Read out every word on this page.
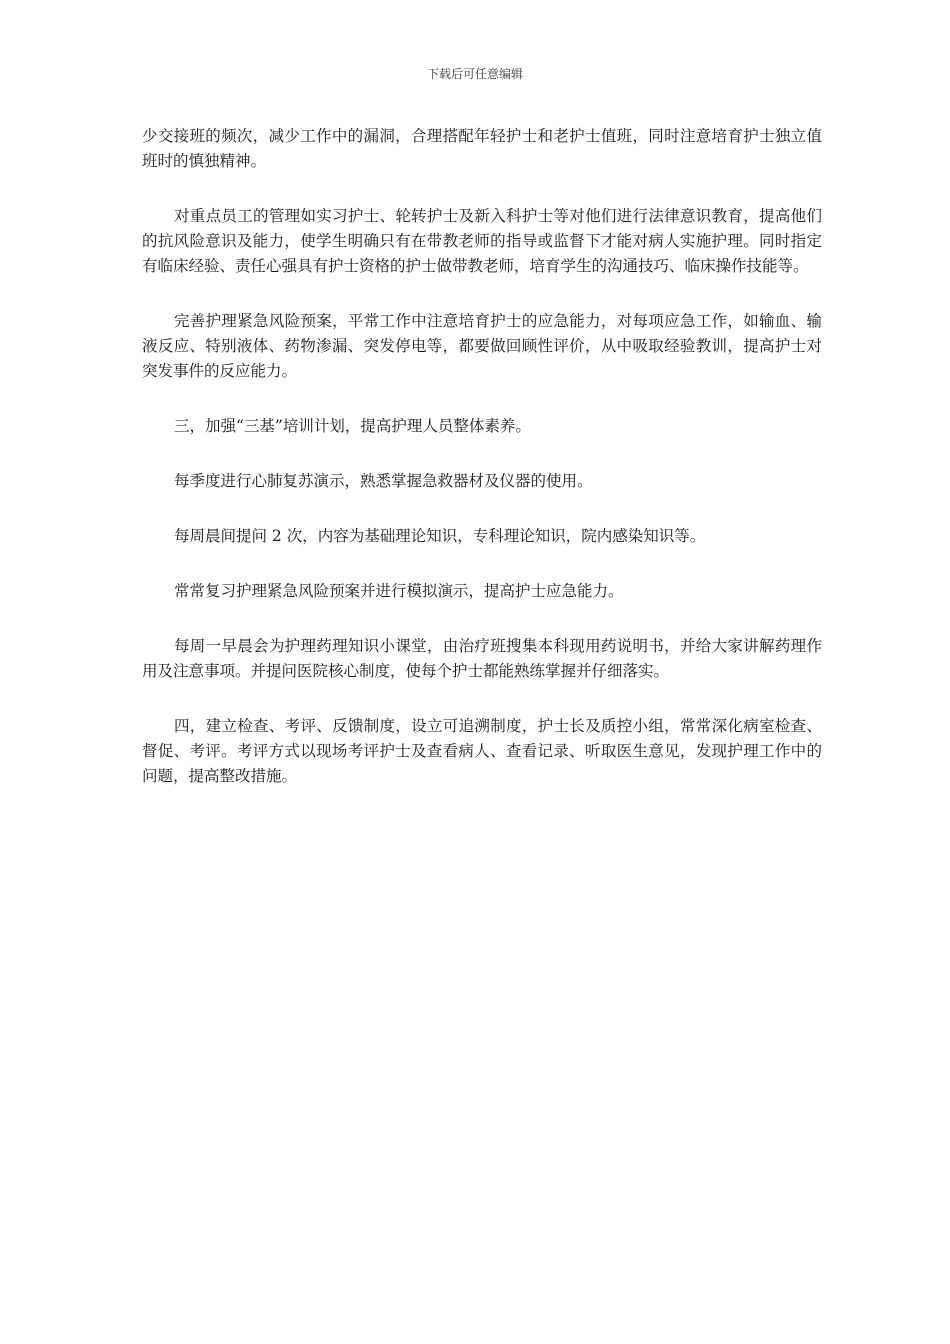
下载后可任意编辑

少交接班的频次，减少工作中的漏洞，合理搭配年轻护士和老护士值班，同时注意培育护士独立值班时的慎独精神。

对重点员工的管理如实习护士、轮转护士及新入科护士等对他们进行法律意识教育，提高他们的抗风险意识及能力，使学生明确只有在带教老师的指导或监督下才能对病人实施护理。同时指定有临床经验、责任心强具有护士资格的护士做带教老师，培育学生的沟通技巧、临床操作技能等。

完善护理紧急风险预案，平常工作中注意培育护士的应急能力，对每项应急工作，如输血、输液反应、特别液体、药物渗漏、突发停电等，都要做回顾性评价，从中吸取经验教训，提高护士对突发事件的反应能力。

三，加强“三基”培训计划，提高护理人员整体素养。

每季度进行心肺复苏演示，熟悉掌握急救器材及仪器的使用。

每周晨间提问 2 次，内容为基础理论知识，专科理论知识，院内感染知识等。

常常复习护理紧急风险预案并进行模拟演示，提高护士应急能力。

每周一早晨会为护理药理知识小课堂，由治疗班搜集本科现用药说明书，并给大家讲解药理作用及注意事项。并提问医院核心制度，使每个护士都能熟练掌握并仔细落实。

四，建立检查、考评、反馈制度，设立可追溯制度，护士长及质控小组，常常深化病室检查、督促、考评。考评方式以现场考评护士及查看病人、查看记录、听取医生意见，发现护理工作中的问题，提高整改措施。
